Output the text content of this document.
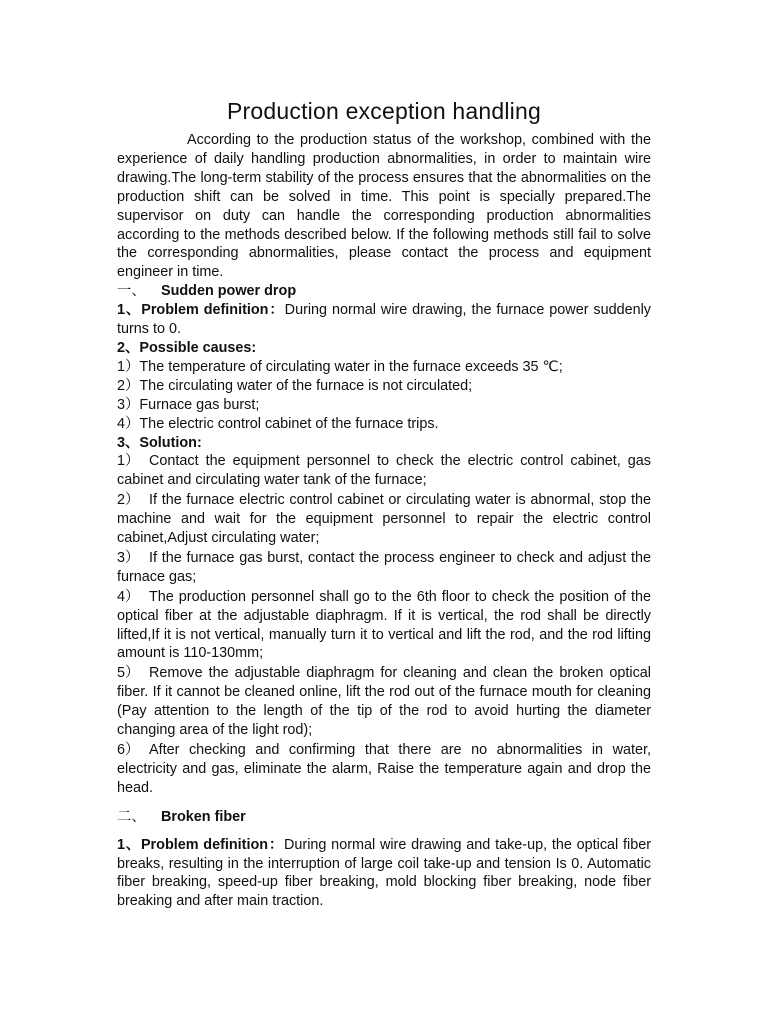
Production exception handling

According to the production status of the workshop, combined with the experience of daily handling production abnormalities, in order to maintain wire drawing.The long-term stability of the process ensures that the abnormalities on the production shift can be solved in time. This point is specially prepared.The supervisor on duty can handle the corresponding production abnormalities according to the methods described below. If the following methods still fail to solve the corresponding abnormalities, please contact the process and equipment engineer in time.

一、 Sudden power drop

1、Problem definition：During normal wire drawing, the furnace power suddenly turns to 0.

2、Possible causes:

1）The temperature of circulating water in the furnace exceeds 35 ℃;

2）The circulating water of the furnace is not circulated;

3）Furnace gas burst;

4）The electric control cabinet of the furnace trips.

3、Solution:

1） Contact the equipment personnel to check the electric control cabinet, gas cabinet and circulating water tank of the furnace;

2） If the furnace electric control cabinet or circulating water is abnormal, stop the machine and wait for the equipment personnel to repair the electric control cabinet,Adjust circulating water;

3） If the furnace gas burst, contact the process engineer to check and adjust the furnace gas;

4） The production personnel shall go to the 6th floor to check the position of the optical fiber at the adjustable diaphragm. If it is vertical, the rod shall be directly lifted,If it is not vertical, manually turn it to vertical and lift the rod, and the rod lifting amount is 110-130mm;

5） Remove the adjustable diaphragm for cleaning and clean the broken optical fiber. If it cannot be cleaned online, lift the rod out of the furnace mouth for cleaning (Pay attention to the length of the tip of the rod to avoid hurting the diameter changing area of the light rod);

6） After checking and confirming that there are no abnormalities in water, electricity and gas, eliminate the alarm, Raise the temperature again and drop the head.

二、 Broken fiber

1、Problem definition：During normal wire drawing and take-up, the optical fiber breaks, resulting in the interruption of large coil take-up and tension Is 0. Automatic fiber breaking, speed-up fiber breaking, mold blocking fiber breaking, node fiber breaking and after main traction.
